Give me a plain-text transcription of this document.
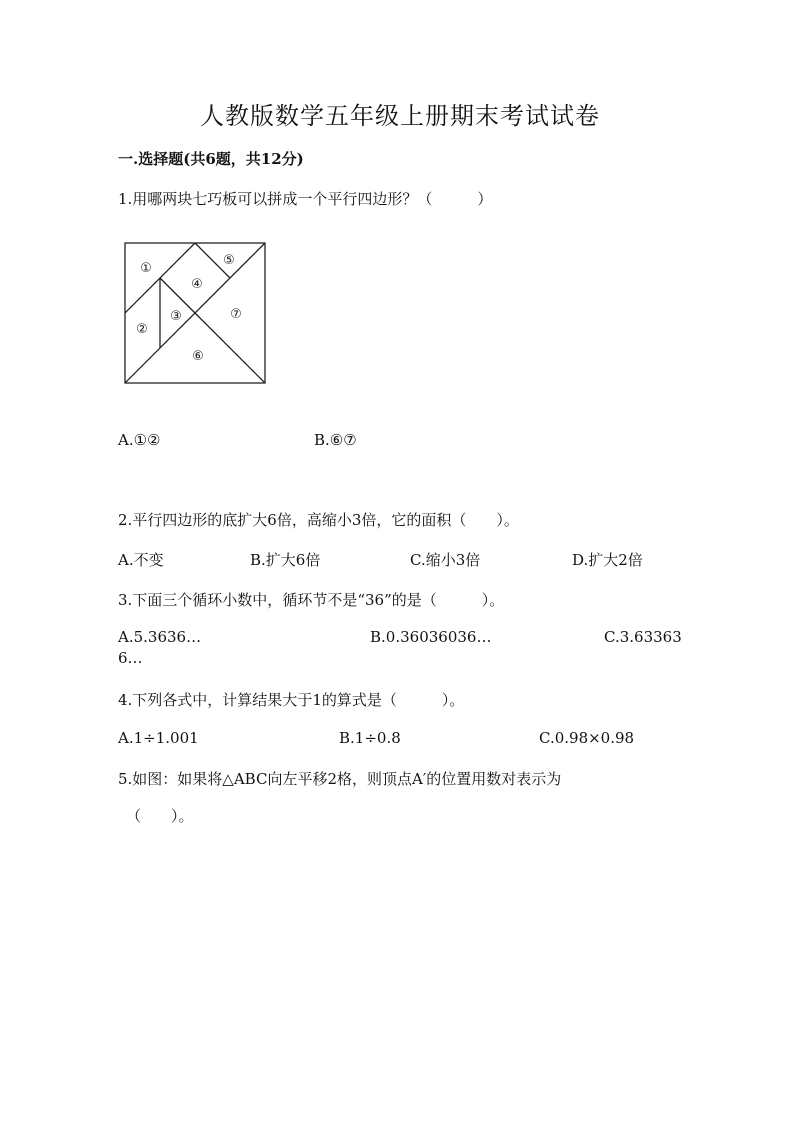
人教版数学五年级上册期末考试试卷
一.选择题(共6题，共12分)
1.用哪两块七巧板可以拼成一个平行四边形？（　　　）
①
②
③
④
⑤
⑥
⑦
A.①②	B.⑥⑦
2.平行四边形的底扩大6倍，高缩小3倍，它的面积（　　）。
A.不变	B.扩大6倍	C.缩小3倍	D.扩大2倍
3.下面三个循环小数中，循环节不是“36”的是（　　　）。
A.5.3636…	B.0.36036036…	C.3.63363
6…
4.下列各式中，计算结果大于1的算式是（　　　）。
A.1÷1.001	B.1÷0.8	C.0.98×0.98
5.如图：如果将△ABC向左平移2格，则顶点A′的位置用数对表示为
（　　）。
